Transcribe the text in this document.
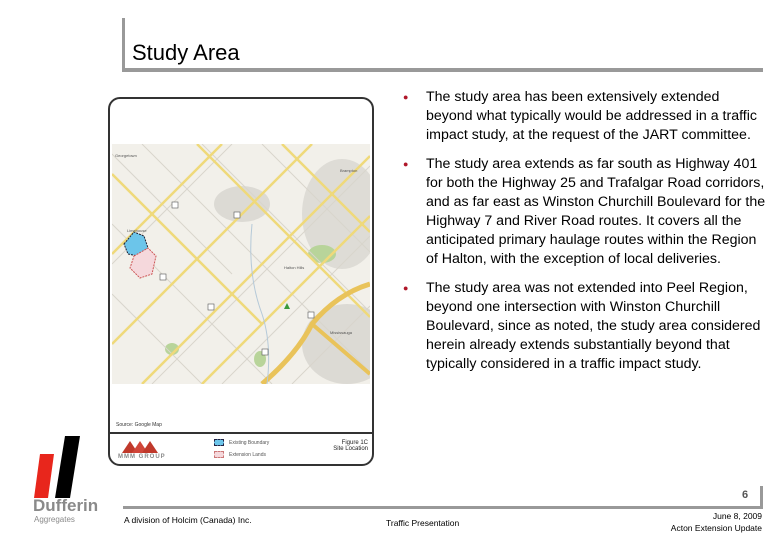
Study Area
Georgetown
Brampton
Limehouse
Halton Hills
Mississauga
Source: Google Map
MMM GROUP
Existing Boundary
Extension Lands
Figure 1C
Site Location
● The study area has been extensively extended beyond what typically would be addressed in a traffic impact study, at the request of the JART committee.
● The study area extends as far south as Highway 401 for both the Highway 25 and Trafalgar Road corridors, and as far east as Winston Churchill Boulevard for the Highway 7 and River Road routes. It covers all the anticipated primary haulage routes within the Region of Halton, with the exception of local deliveries.
● The study area was not extended into Peel Region, beyond one intersection with Winston Churchill Boulevard, since as noted, the study area considered herein already extends substantially beyond that typically considered in a traffic impact study.
Dufferin
Aggregates
6
A division of Holcim (Canada) Inc.	Traffic Presentation
June 8, 2009
Acton Extension Update
